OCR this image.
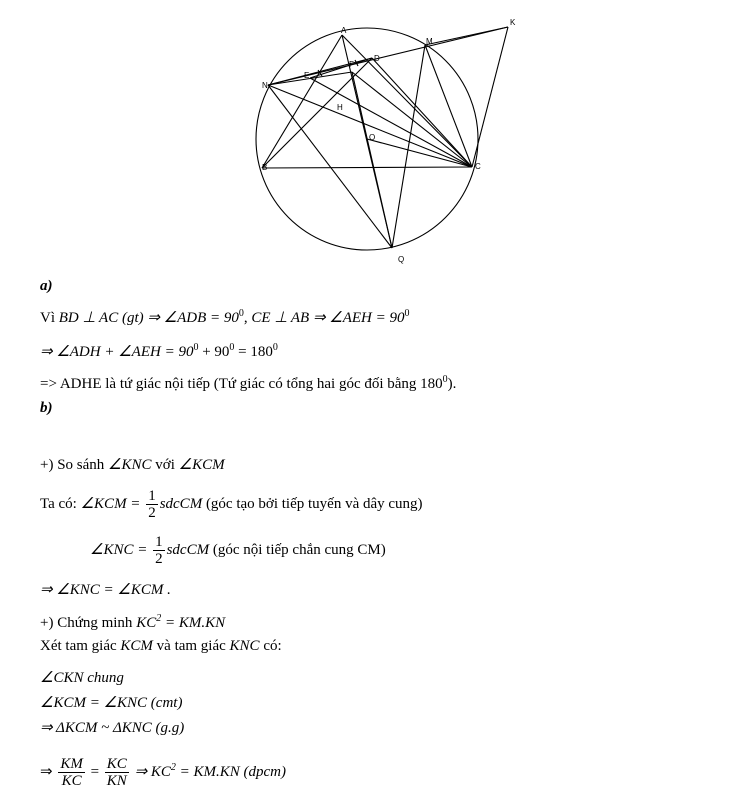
A
M
K
D
F
E
N
H
O
B	C
Q
a)
Vì BD ⊥ AC (gt) ⇒ ∠ADB = $90^0$, CE ⊥ AB ⇒ ∠AEH = $90^0$
⇒ ∠ADH + ∠AEH = $90^0 + 90^0 = 180^0$
=> ADHE là tứ giác nội tiếp (Tứ giác có tổng hai góc đối bằng $180^0$).
b)
+) So sánh ∠KNC với ∠KCM
Ta có: ∠KCM = $\frac{1}{2}$ sdcCM (góc tạo bởi tiếp tuyến và dây cung)
∠KNC = $\frac{1}{2}$ sdcCM (góc nội tiếp chắn cung CM)
⇒ ∠KNC = ∠KCM .
+) Chứng minh $KC^2 = KM.KN$
Xét tam giác KCM và tam giác KNC có:
∠CKN chung
∠KCM = ∠KNC (cmt)
⇒ ΔKCM ~ ΔKNC (g.g)
⇒ $\frac{KM}{KC} = \frac{KC}{KN}$ ⇒ $KC^2 = KM.KN$ (dpcm)
